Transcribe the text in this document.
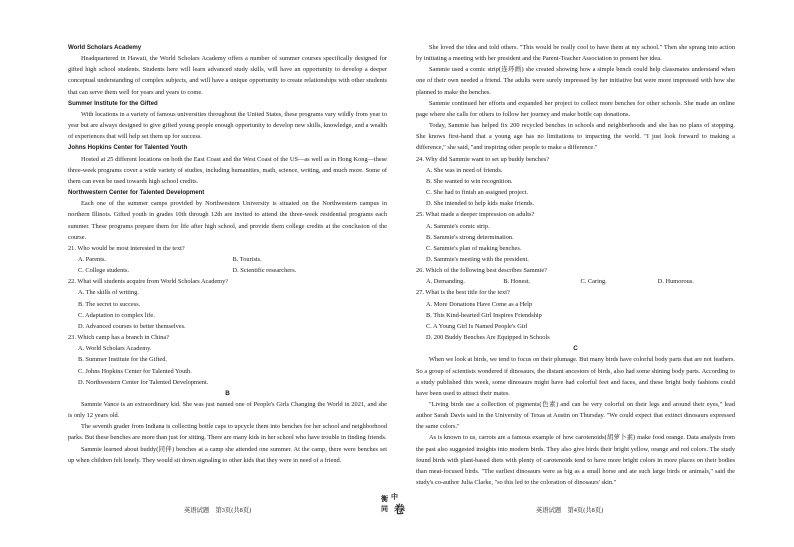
World Scholars Academy

Headquartered in Hawaii, the World Scholars Academy offers a number of summer courses specifically designed for gifted high school students. Students here will learn advanced study skills, will have an opportunity to develop a deeper conceptual understanding of complex subjects, and will have a unique opportunity to create relationships with other students that can serve them well for years and years to come.

Summer Institute for the Gifted

With locations in a variety of famous universities throughout the United States, these programs vary wildly from year to year but are always designed to give gifted young people enough opportunity to develop new skills, knowledge, and a wealth of experiences that will help set them up for success.

Johns Hopkins Center for Talented Youth

Hosted at 25 different locations on both the East Coast and the West Coast of the US—as well as in Hong Kong—these three-week programs cover a wide variety of studies, including humanities, math, science, writing, and much more. Some of them can even be used towards high school credits.

Northwestern Center for Talented Development

Each one of the summer camps provided by Northwestern University is situated on the Northwestern campus in northern Illinois. Gifted youth in grades 10th through 12th are invited to attend the three-week residential programs each summer. These programs prepare them for life after high school, and provide them college credits at the conclusion of the course.

21. Who would be most interested in the text?

A. Parents.	B. Tourists.
C. College students.	D. Scientific researchers.

22. What will students acquire from World Scholars Academy?

A. The skills of writing.

B. The secret to success.

C. Adaptation to complex life.

D. Advanced courses to better themselves.

23. Which camp has a branch in China?

A. World Scholars Academy.

B. Summer Institute for the Gifted.

C. Johns Hopkins Center for Talented Youth.

D. Northwestern Center for Talented Development.

B

Sammie Vance is an extraordinary kid. She was just named one of People's Girls Changing the World in 2021, and she is only 12 years old.

The seventh grader from Indiana is collecting bottle caps to upcycle them into benches for her school and neighborhood parks. But these benches are more than just for sitting. There are many kids in her school who have trouble in finding friends.

Sammie learned about buddy(同伴) benches at a camp she attended one summer. At the camp, there were benches set up when children felt lonely. They would sit down signaling to other kids that they were in need of a friend.

She loved the idea and told others. "This would be really cool to have them at my school." Then she sprang into action by initiating a meeting with her president and the Parent-Teacher Association to present her idea.

Sammie used a comic strip(连环画) she created showing how a simple bench could help classmates understand when one of their own needed a friend. The adults were surely impressed by her initiative but were more impressed with how she planned to make the benches.

Sammie continued her efforts and expanded her project to collect more benches for other schools. She made an online page where she calls for others to follow her journey and make bottle cap donations.

Today, Sammie has helped fix 200 recycled benches in schools and neighborhoods and she has no plans of stopping. She knows first-hand that a young age has no limitations to impacting the world. "I just look forward to making a difference," she said, "and inspiring other people to make a difference."

24. Why did Sammie want to set up buddy benches?

A. She was in need of friends.

B. She wanted to win recognition.

C. She had to finish an assigned project.

D. She intended to help kids make friends.

25. What made a deeper impression on adults?

A. Sammie's comic strip.

B. Sammie's strong determination.

C. Sammie's plan of making benches.

D. Sammie's meeting with the president.

26. Which of the following best describes Sammie?

A. Demanding.	B. Honest.	C. Caring.	D. Humorous.

27. What is the best title for the text?

A. More Donations Have Come as a Help

B. This Kind-hearted Girl Inspires Friendship

C. A Young Girl Is Named People's Girl

D. 200 Buddy Benches Are Equipped in Schools

C

When we look at birds, we tend to focus on their plumage. But many birds have colorful body parts that are not feathers. So a group of scientists wondered if dinosaurs, the distant ancestors of birds, also had some shining body parts. According to a study published this week, some dinosaurs might have had colorful feet and faces, and these bright body fashions could have been used to attract their mates.

"Living birds use a collection of pigments(色素) and can be very colorful on their legs and around their eyes," lead author Sarah Davis said in the University of Texas at Austin on Thursday. "We could expect that extinct dinosaurs expressed the same colors."

As is known to us, carrots are a famous example of how carotenoids(胡萝卜素) make food orange. Data analysis from the past also suggested insights into modern birds. They also give birds their bright yellow, orange and red colors. The study found birds with plant-based diets with plenty of carotenoids tend to have more bright colors in more places on their bodies than meat-focused birds. "The earliest dinosaurs were as big as a small horse and ate such large birds or animals," said the study's co-author Julia Clarke, "so this led to the coloration of dinosaurs' skin."

英语试题　第3页(共8页)	英语试题　第4页(共8页)
衡 中
同 卷
